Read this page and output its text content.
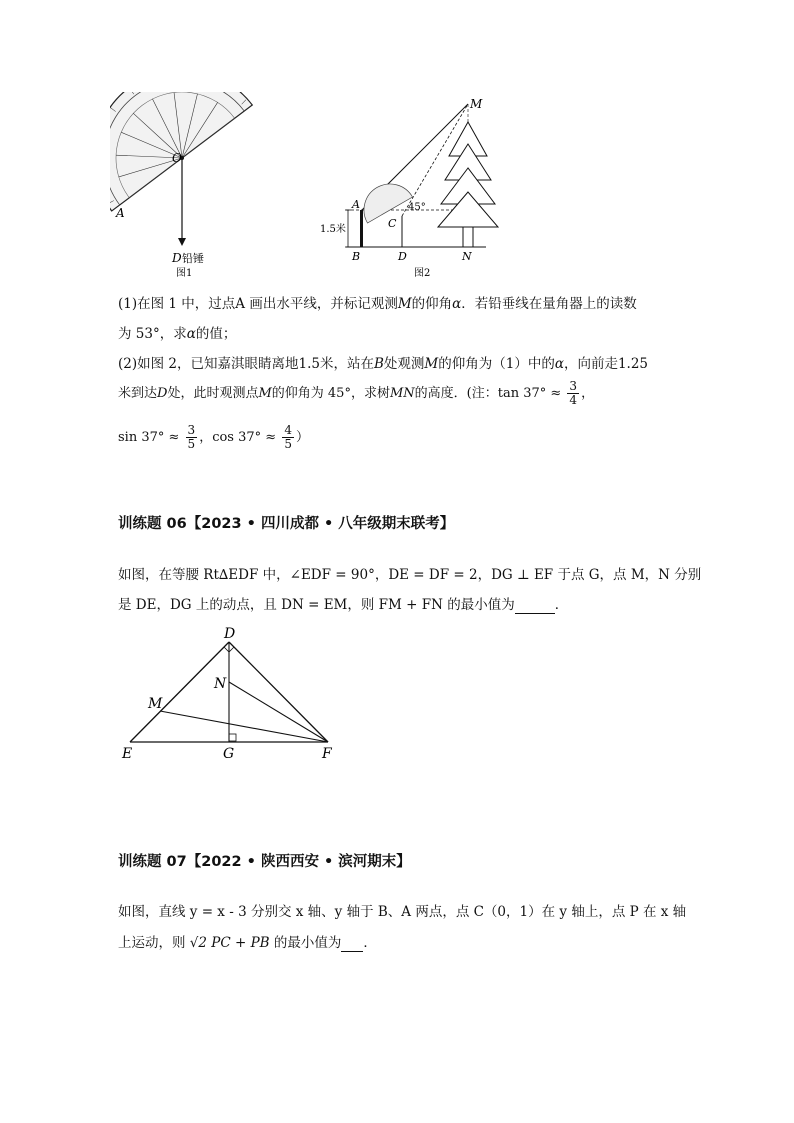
O
A
D 铅锤
图1
M
A	45°
C
1.5米
B	D	N
图2
(1)在图 1 中，过点A 画出水平线，并标记观测M的仰角α．若铅垂线在量角器上的读数
为 53°，求α的值；
(2)如图 2，已知嘉淇眼睛离地1.5米，站在B处观测M的仰角为（1）中的α，向前走1.25
米到达D处，此时观测点M的仰角为 45°，求树MN的高度．(注：$\tan 37^\circ \approx \frac{3}{4}$ ，
$\sin 37^\circ \approx \frac{3}{5}$ ，$\cos 37^\circ \approx \frac{4}{5}$ ）
训练题 06【2023 • 四川成都 • 八年级期末联考】
如图，在等腰 Rt∆EDF 中，∠EDF = 90°，DE = DF = 2，DG ⊥ EF 于点 G，点 M，N 分别
是 DE，DG 上的动点，且 DN = EM，则 FM + FN 的最小值为	．
D
N
M
E	G	F
训练题 07【2022 • 陕西西安 • 滨河期末】
如图，直线 y = x - 3 分别交 x 轴、y 轴于 B、A 两点，点 C（0，1）在 y 轴上，点 P 在 x 轴
上运动，则 √2 PC + PB 的最小值为 ．
